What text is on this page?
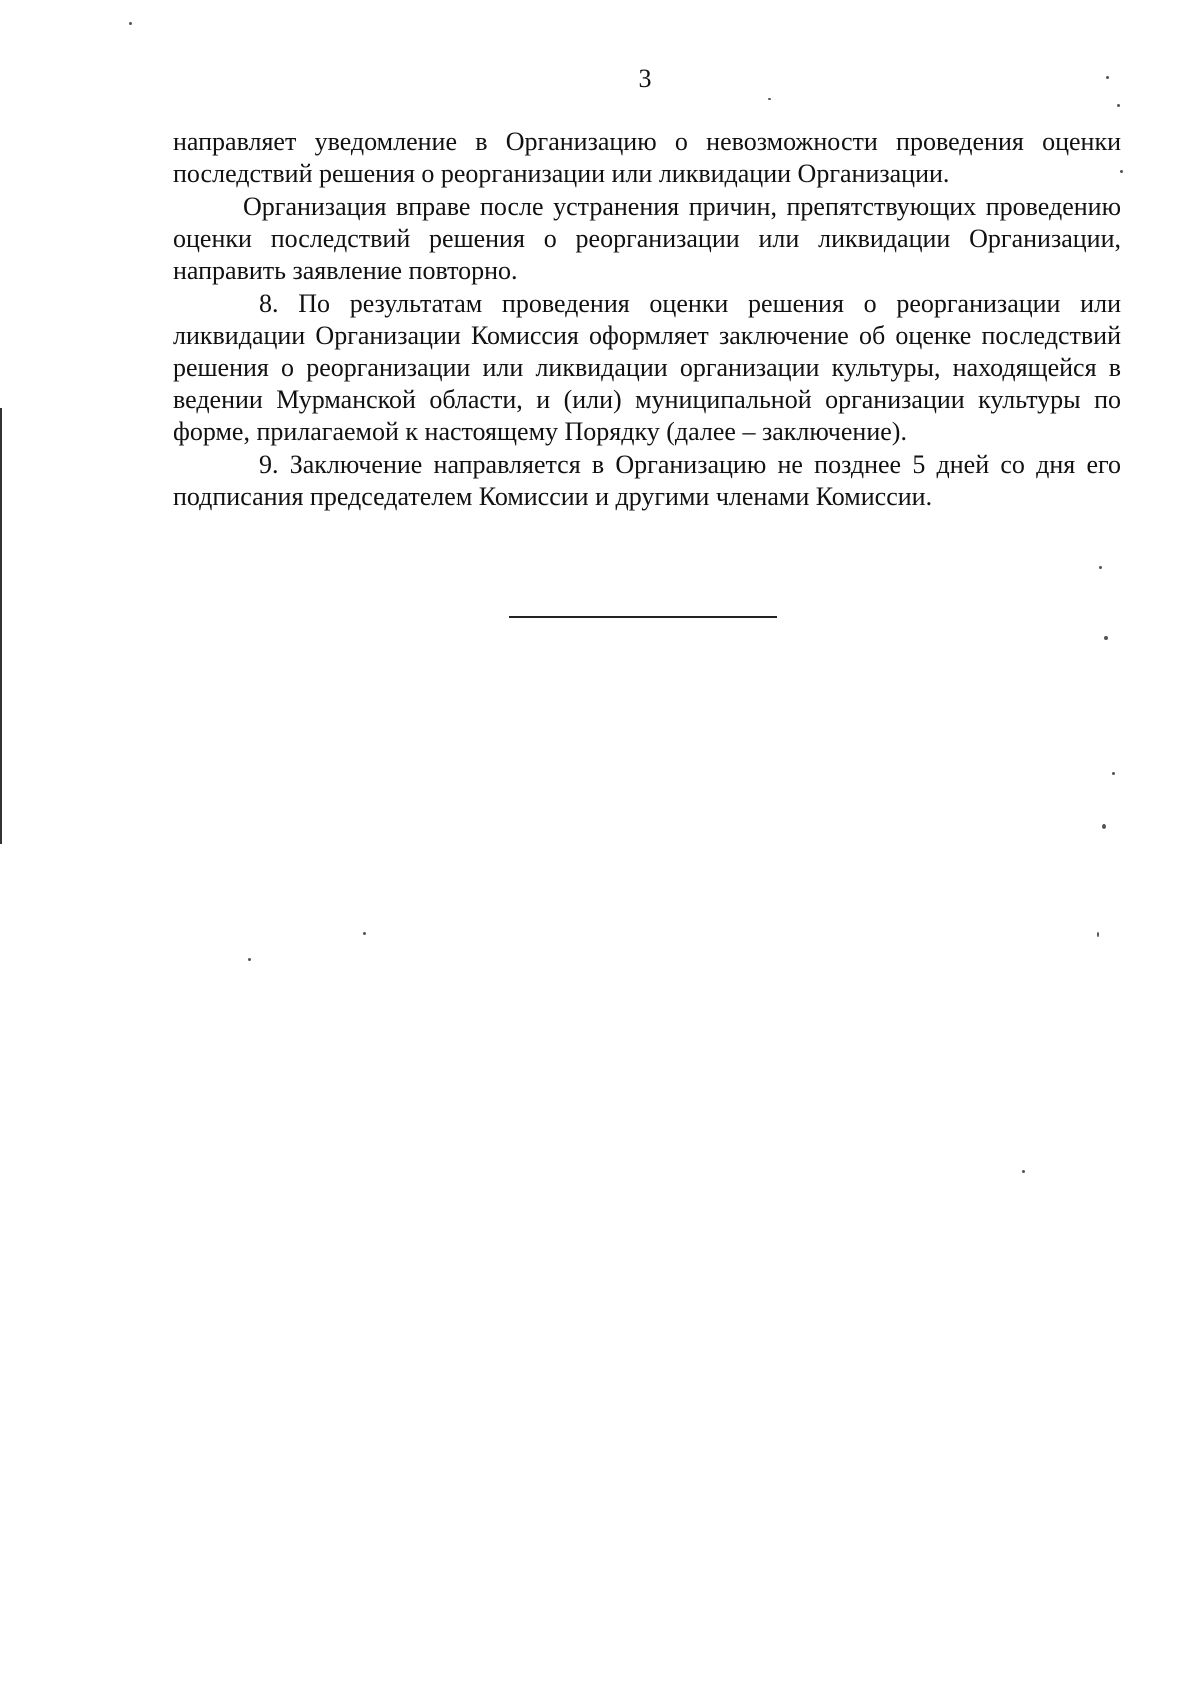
3

направляет уведомление в Организацию о невозможности проведения оценки последствий решения о реорганизации или ликвидации Организации.

Организация вправе после устранения причин, препятствующих проведению оценки последствий решения о реорганизации или ликвидации Организации, направить заявление повторно.

8. По результатам проведения оценки решения о реорганизации или ликвидации Организации Комиссия оформляет заключение об оценке последствий решения о реорганизации или ликвидации организации культуры, находящейся в ведении Мурманской области, и (или) муниципальной организации культуры по форме, прилагаемой к настоящему Порядку (далее – заключение).

9. Заключение направляется в Организацию не позднее 5 дней со дня его подписания председателем Комиссии и другими членами Комиссии.
